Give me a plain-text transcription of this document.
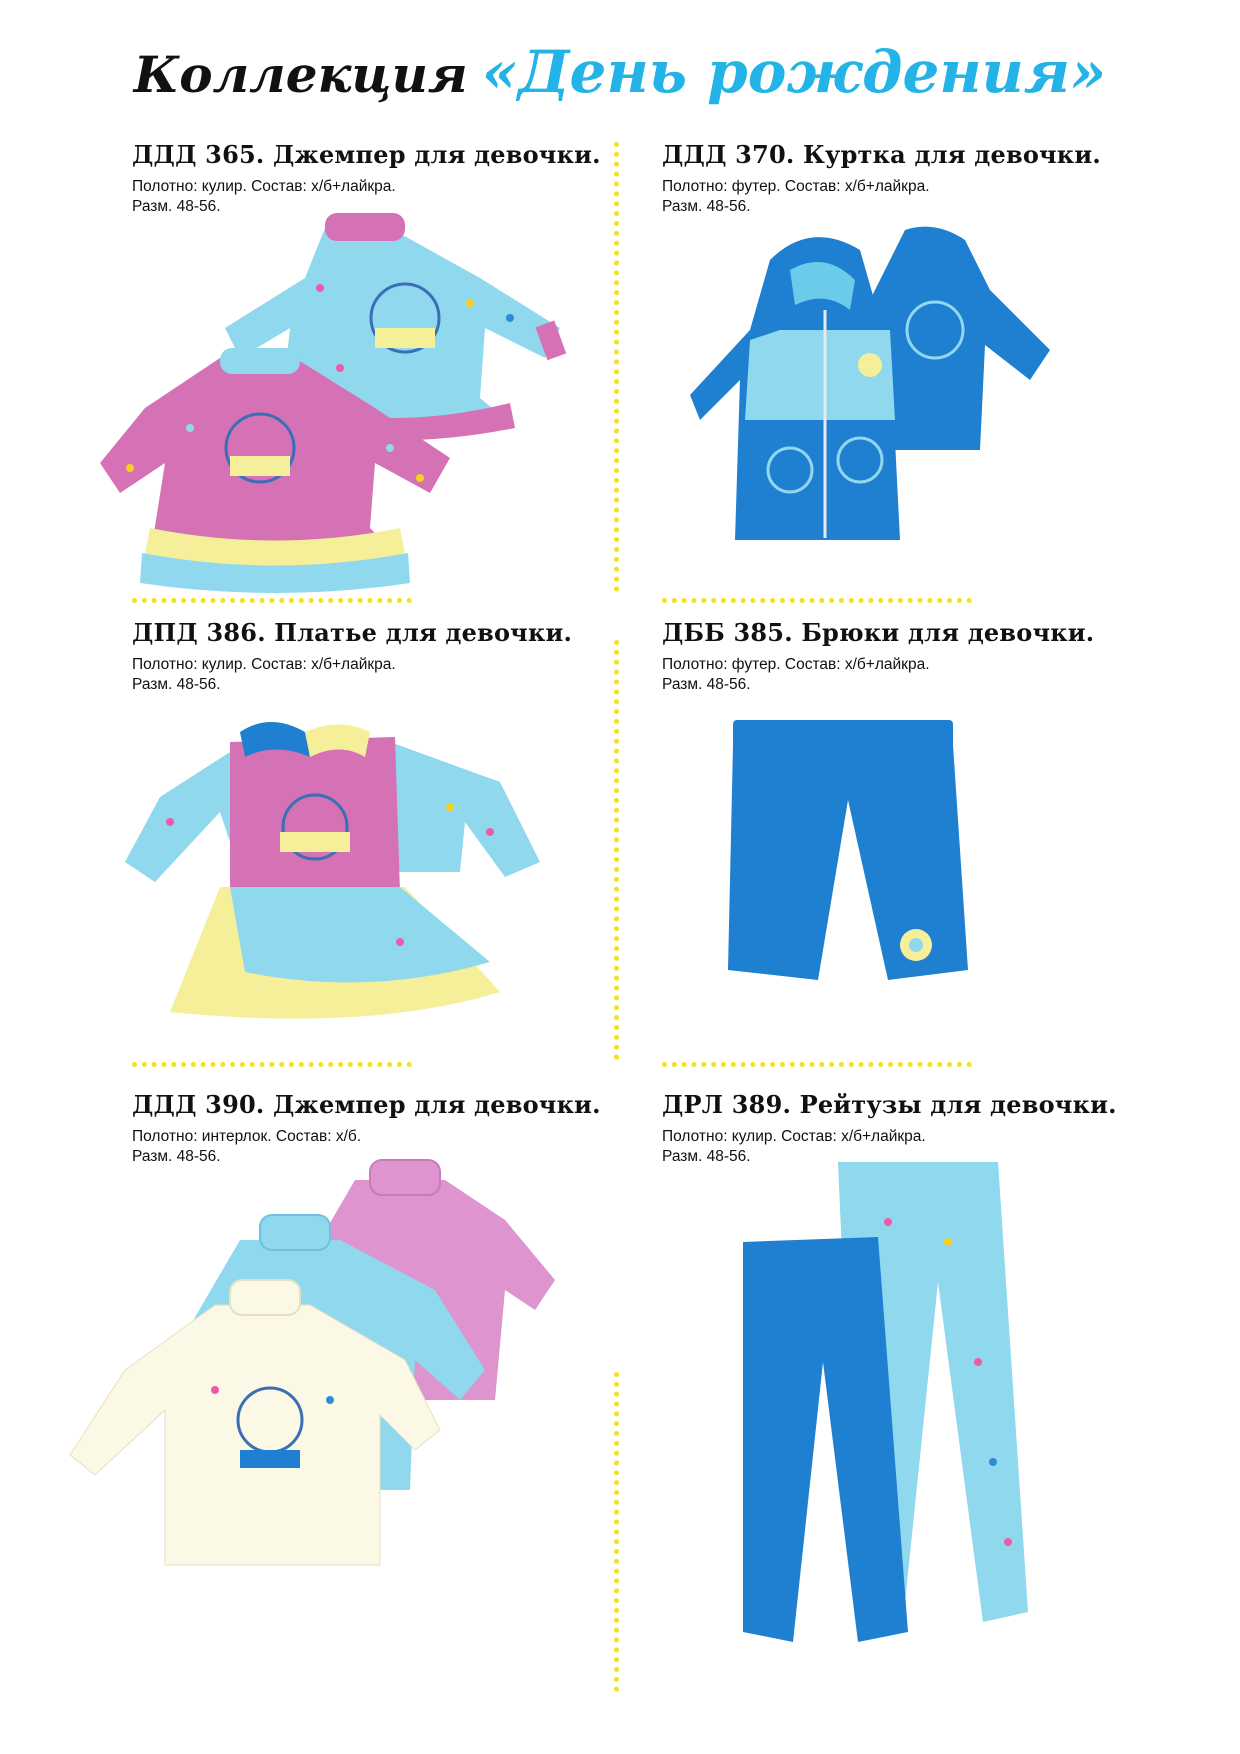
Коллекция «День рождения»
ДДД 365. Джемпер для девочки.
Полотно: кулир. Состав: х/б+лайкра.
Разм. 48-56.
ДДД 370. Куртка для девочки.
Полотно: футер. Состав: х/б+лайкра.
Разм. 48-56.
ДПД 386. Платье для девочки.
Полотно: кулир. Состав: х/б+лайкра.
Разм. 48-56.
ДББ 385. Брюки для девочки.
Полотно: футер. Состав: х/б+лайкра.
Разм. 48-56.
ДДД 390. Джемпер для девочки.
Полотно: интерлок. Состав: х/б.
Разм. 48-56.
ДРЛ 389. Рейтузы для девочки.
Полотно: кулир. Состав: х/б+лайкра.
Разм. 48-56.
